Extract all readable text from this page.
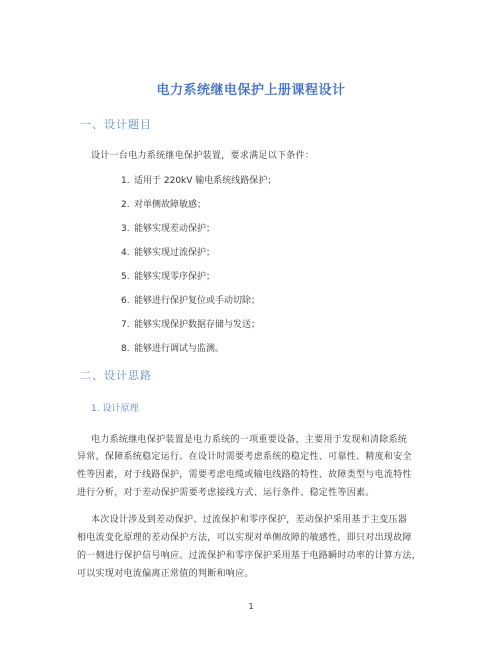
电力系统继电保护上册课程设计
一、设计题目
设计一台电力系统继电保护装置，要求满足以下条件：
1. 适用于 220kV 输电系统线路保护；
2. 对单侧故障敏感；
3. 能够实现差动保护；
4. 能够实现过流保护；
5. 能够实现零序保护；
6. 能够进行保护复位或手动切除；
7. 能够实现保护数据存储与发送；
8. 能够进行调试与监测。
二、设计思路
1. 设计原理
电力系统继电保护装置是电力系统的一项重要设备，主要用于发现和清除系统
异常，保障系统稳定运行。在设计时需要考虑系统的稳定性、可靠性、精度和安全
性等因素，对于线路保护，需要考虑电缆或输电线路的特性、故障类型与电流特性
进行分析，对于差动保护需要考虑接线方式、运行条件、稳定性等因素。
本次设计涉及到差动保护、过流保护和零序保护，差动保护采用基于主变压器
相电流变化原理的差动保护方法，可以实现对单侧故障的敏感性，即只对出现故障
的一侧进行保护信号响应。过流保护和零序保护采用基于电路瞬时功率的计算方法，
可以实现对电流偏离正常值的判断和响应。
1
